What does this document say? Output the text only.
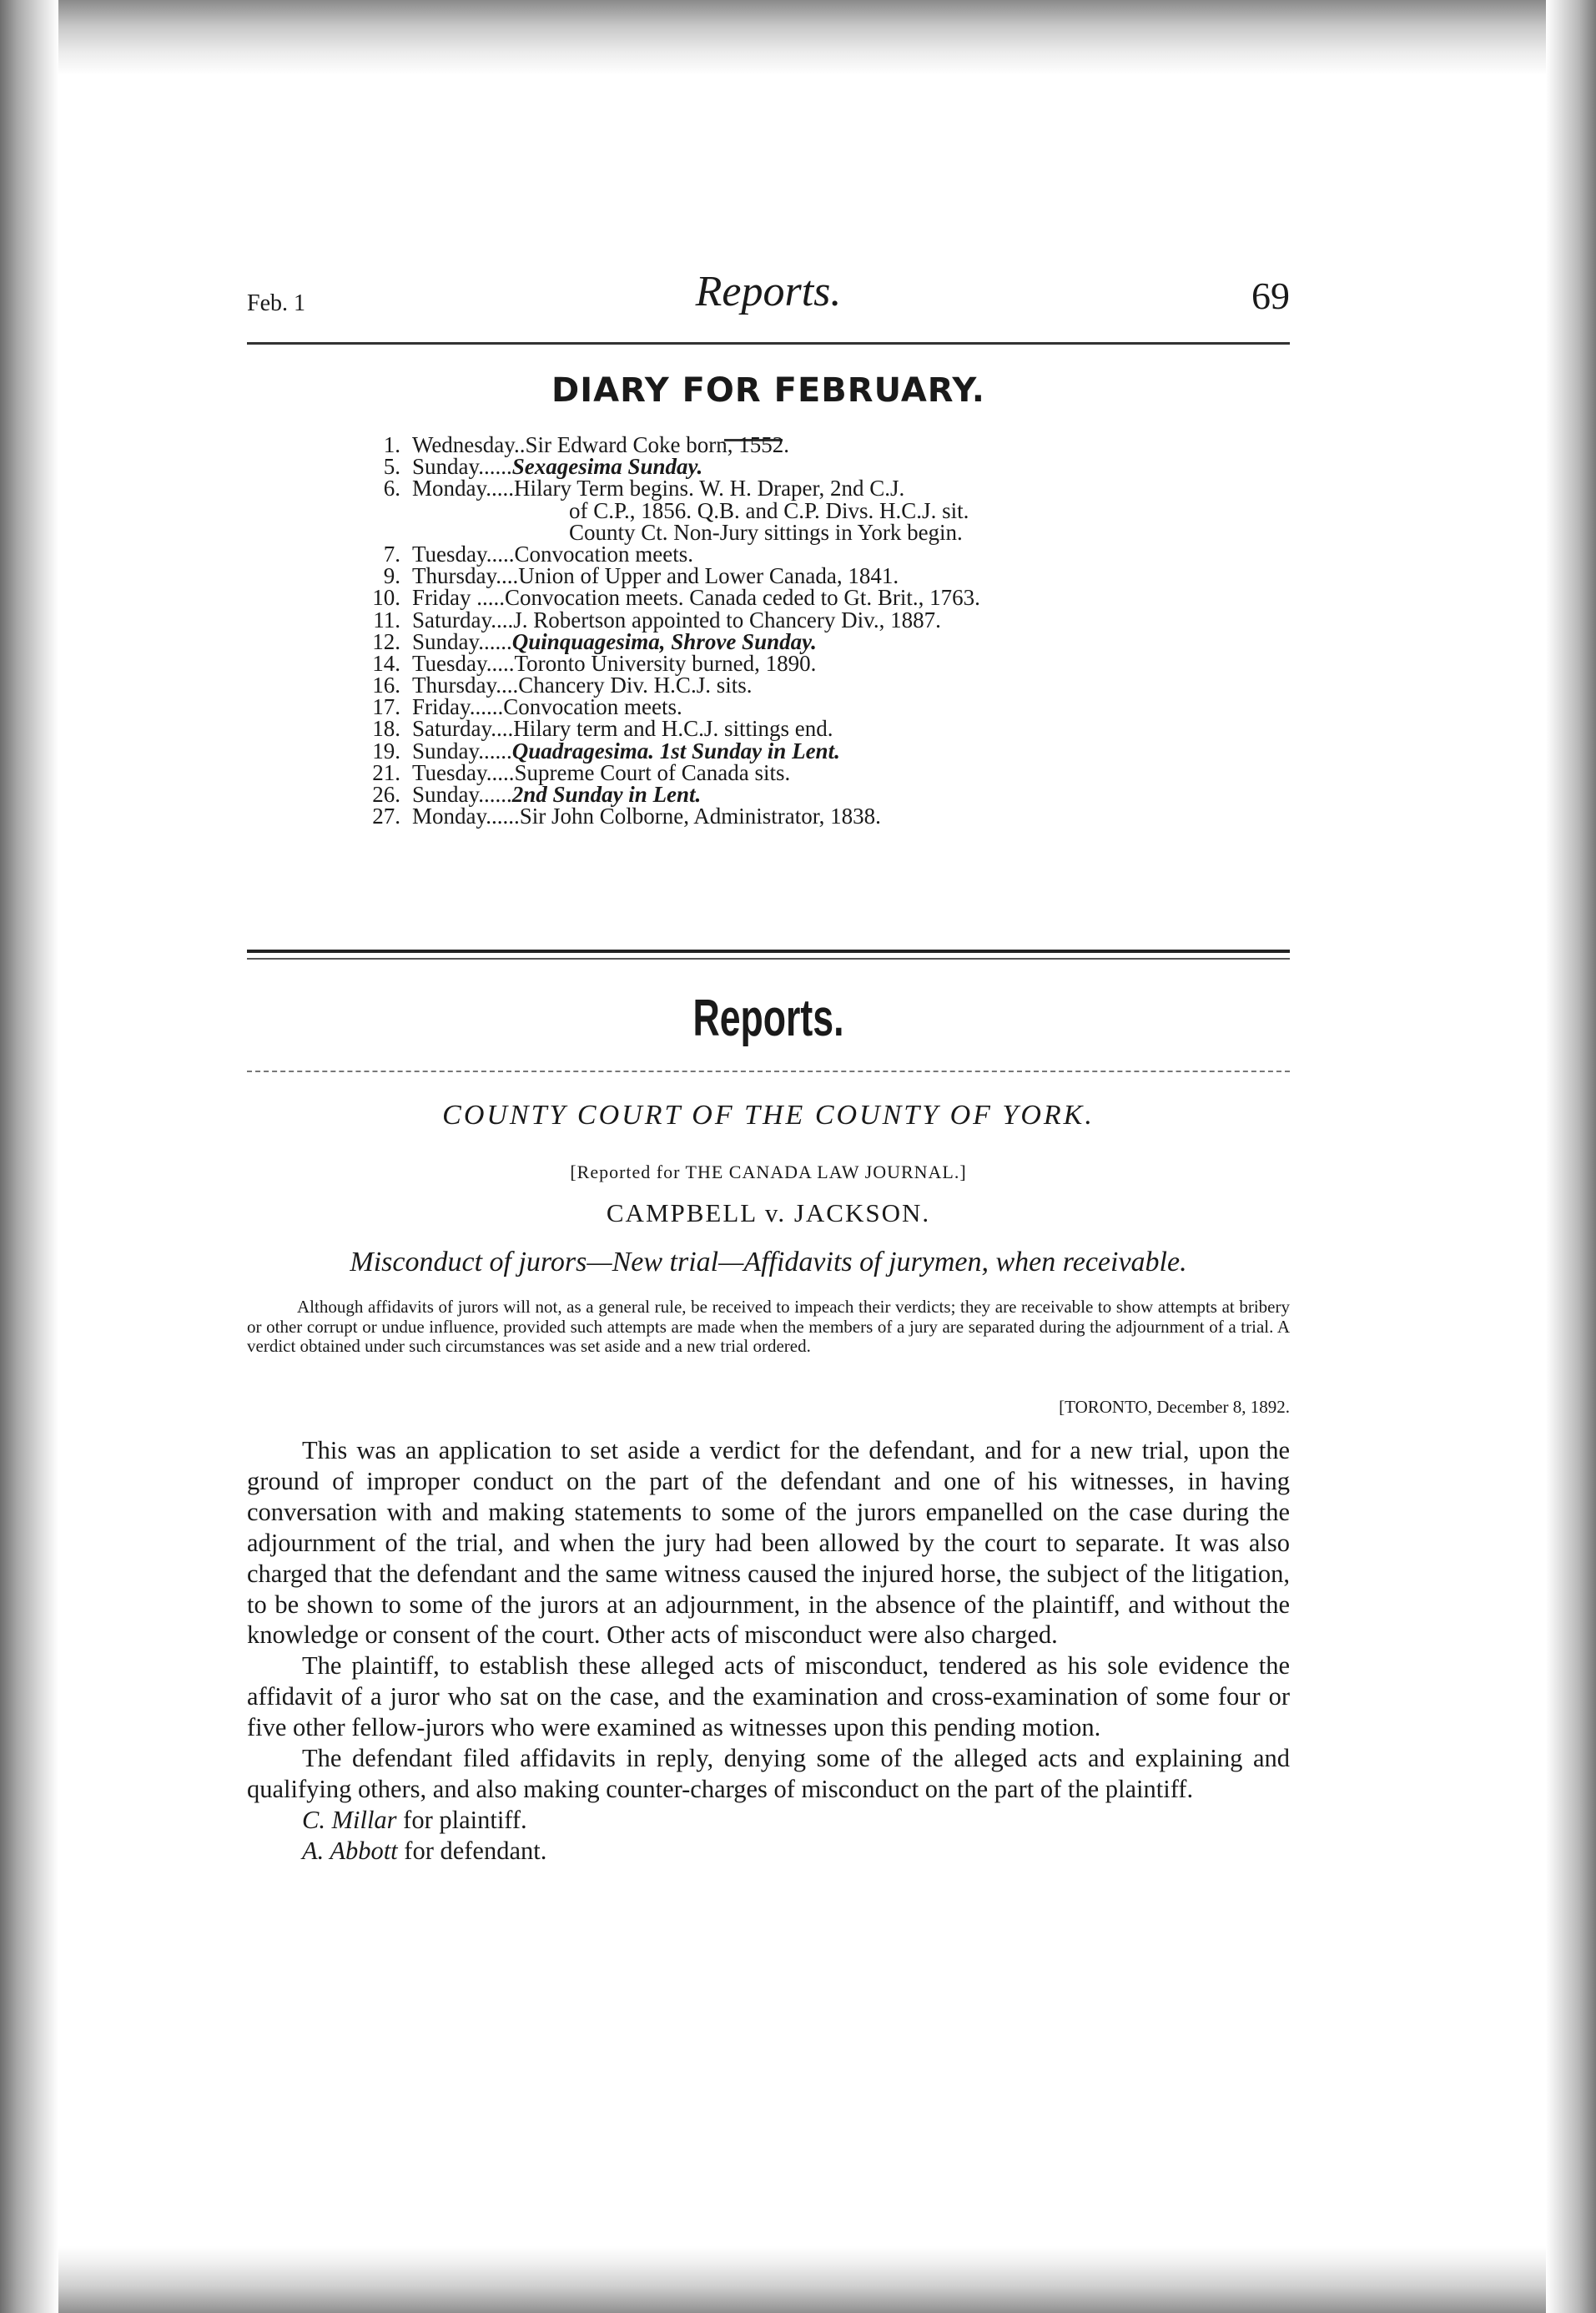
Feb. 1	Reports.	69
DIARY FOR FEBRUARY.
1. Wednesday..Sir Edward Coke born, 1552.
5. Sunday......Sexagesima Sunday.
6. Monday.....Hilary Term begins. W. H. Draper, 2nd C.J.
of C.P., 1856. Q.B. and C.P. Divs. H.C.J. sit.
County Ct. Non-Jury sittings in York begin.
7. Tuesday.....Convocation meets.
9. Thursday....Union of Upper and Lower Canada, 1841.
10. Friday .....Convocation meets. Canada ceded to Gt. Brit., 1763.
11. Saturday....J. Robertson appointed to Chancery Div., 1887.
12. Sunday......Quinquagesima, Shrove Sunday.
14. Tuesday.....Toronto University burned, 1890.
16. Thursday....Chancery Div. H.C.J. sits.
17. Friday......Convocation meets.
18. Saturday....Hilary term and H.C.J. sittings end.
19. Sunday......Quadragesima. 1st Sunday in Lent.
21. Tuesday.....Supreme Court of Canada sits.
26. Sunday......2nd Sunday in Lent.
27. Monday......Sir John Colborne, Administrator, 1838.
Reports.
COUNTY COURT OF THE COUNTY OF YORK.
[Reported for THE CANADA LAW JOURNAL.]
CAMPBELL v. JACKSON.
Misconduct of jurors—New trial—Affidavits of jurymen, when receivable.
Although affidavits of jurors will not, as a general rule, be received to impeach their verdicts; they are receivable to show attempts at bribery or other corrupt or undue influence, provided such attempts are made when the members of a jury are separated during the adjournment of a trial. A verdict obtained under such circumstances was set aside and a new trial ordered.
[TORONTO, December 8, 1892.

This was an application to set aside a verdict for the defendant, and for a new trial, upon the ground of improper conduct on the part of the defendant and one of his witnesses, in having conversation with and making statements to some of the jurors empanelled on the case during the adjournment of the trial, and when the jury had been allowed by the court to separate. It was also charged that the defendant and the same witness caused the injured horse, the subject of the litigation, to be shown to some of the jurors at an adjournment, in the absence of the plaintiff, and without the knowledge or consent of the court. Other acts of misconduct were also charged.

The plaintiff, to establish these alleged acts of misconduct, tendered as his sole evidence the affidavit of a juror who sat on the case, and the examination and cross-examination of some four or five other fellow-jurors who were examined as witnesses upon this pending motion.

The defendant filed affidavits in reply, denying some of the alleged acts and explaining and qualifying others, and also making counter-charges of misconduct on the part of the plaintiff.

C. Millar for plaintiff.

A. Abbott for defendant.
